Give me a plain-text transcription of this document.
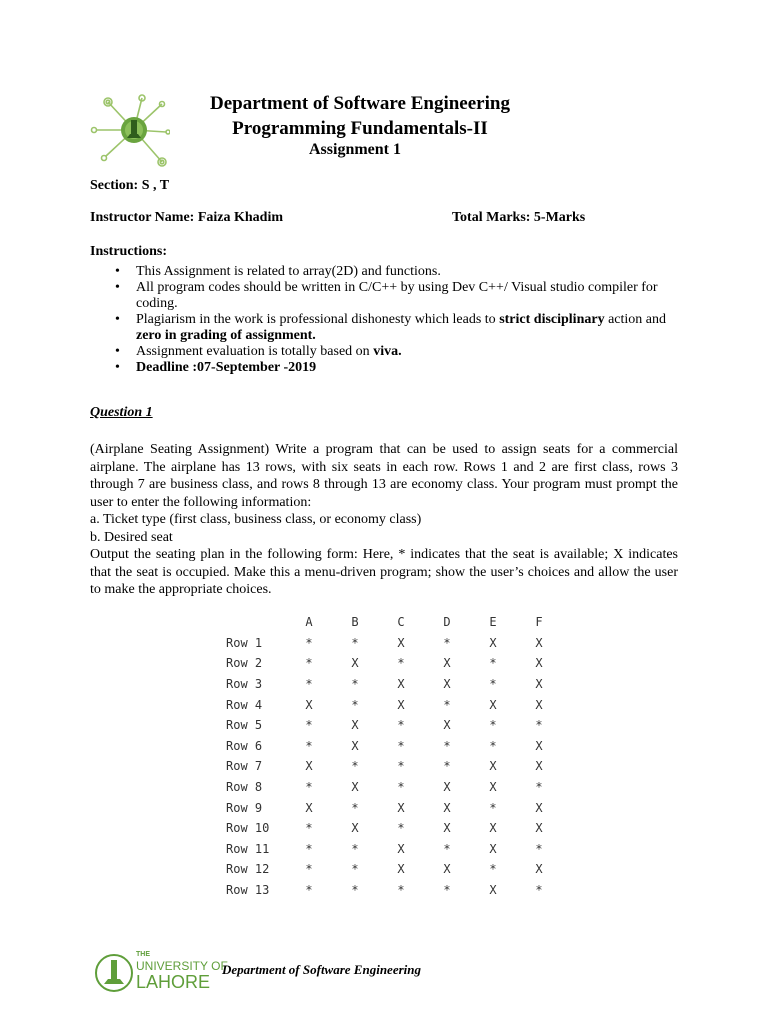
Department of Software Engineering
Programming Fundamentals-II
Assignment 1
Section: S , T
Instructor Name: Faiza Khadim	Total Marks: 5-Marks
Instructions:
• This Assignment is related to array(2D) and functions.
• All program codes should be written in C/C++ by using Dev C++/ Visual studio compiler for coding.
• Plagiarism in the work is professional dishonesty which leads to strict disciplinary action and zero in grading of assignment.
• Assignment evaluation is totally based on viva.
• Deadline :07-September -2019
Question 1

(Airplane Seating Assignment) Write a program that can be used to assign seats for a commercial airplane. The airplane has 13 rows, with six seats in each row. Rows 1 and 2 are first class, rows 3 through 7 are business class, and rows 8 through 13 are economy class. Your program must prompt the user to enter the following information:

a. Ticket type (first class, business class, or economy class)

b. Desired seat

Output the seating plan in the following form: Here, * indicates that the seat is available; X indicates that the seat is occupied. Make this a menu-driven program; show the user’s choices and allow the user to make the appropriate choices.

	A	B	C	D	E	F
Row 1	*	*	X	*	X	X
Row 2	*	X	*	X	*	X
Row 3	*	*	X	X	*	X
Row 4	X	*	X	*	X	X
Row 5	*	X	*	X	*	*
Row 6	*	X	*	*	*	X
Row 7	X	*	*	*	X	X
Row 8	*	X	*	X	X	*
Row 9	X	*	X	X	*	X
Row 10	*	X	*	X	X	X
Row 11	*	*	X	*	X	*
Row 12	*	*	X	X	*	X
Row 13	*	*	*	*	X	*
THE
UNIVERSITY OF
LAHORE
Department of Software Engineering
